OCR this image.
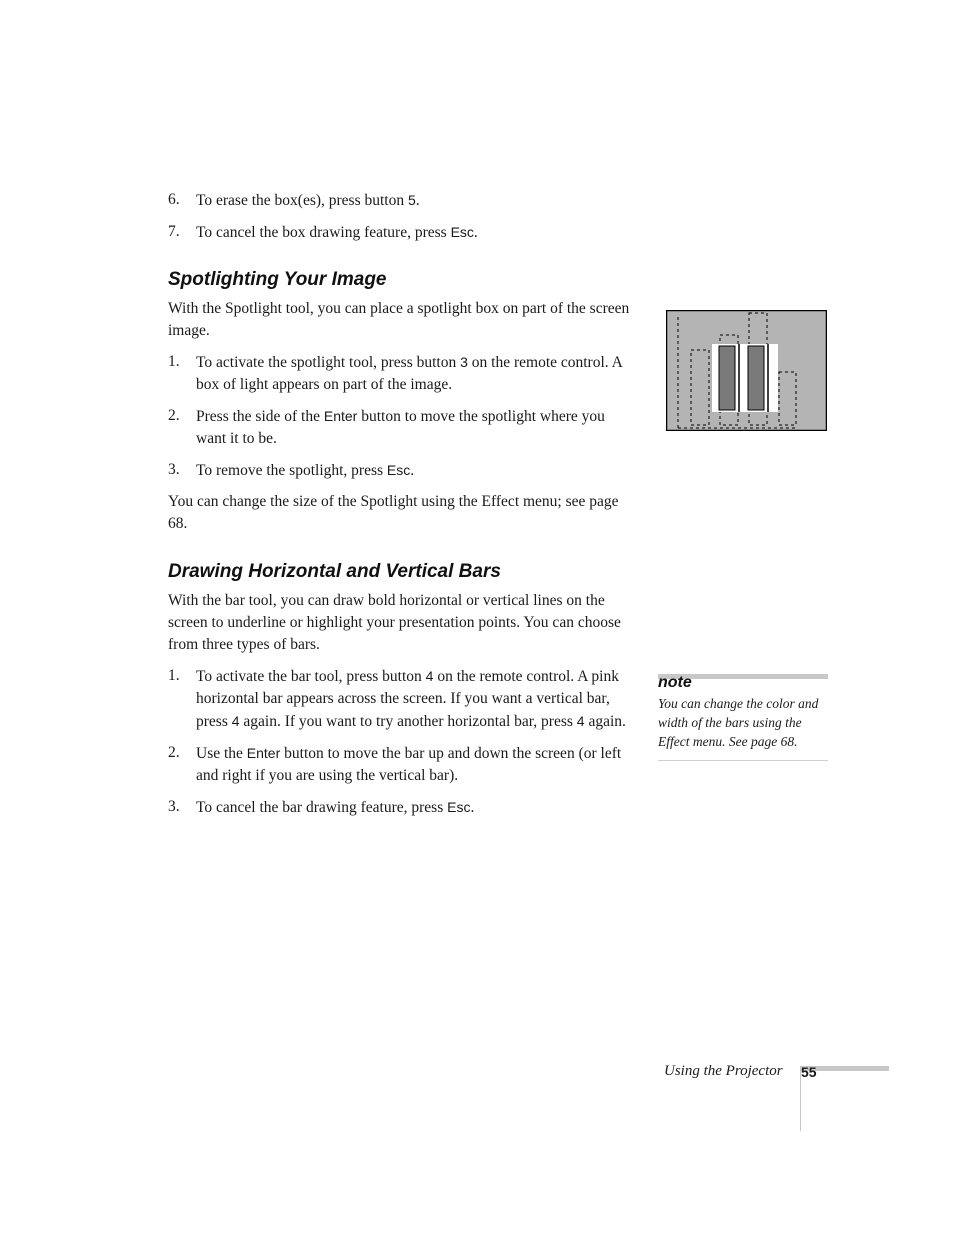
6. To erase the box(es), press button 5.
7. To cancel the box drawing feature, press Esc.
Spotlighting Your Image

With the Spotlight tool, you can place a spotlight box on part of the screen image.

1. To activate the spotlight tool, press button 3 on the remote control. A box of light appears on part of the image.
2. Press the side of the Enter button to move the spotlight where you want it to be.
3. To remove the spotlight, press Esc.

You can change the size of the Spotlight using the Effect menu; see page 68.

Drawing Horizontal and Vertical Bars

With the bar tool, you can draw bold horizontal or vertical lines on the screen to underline or highlight your presentation points. You can choose from three types of bars.

1. To activate the bar tool, press button 4 on the remote control. A pink horizontal bar appears across the screen. If you want a vertical bar, press 4 again. If you want to try another horizontal bar, press 4 again.
2. Use the Enter button to move the bar up and down the screen (or left and right if you are using the vertical bar).
3. To cancel the bar drawing feature, press Esc.
note
You can change the color and width of the bars using the Effect menu. See page 68.
Using the Projector 55
